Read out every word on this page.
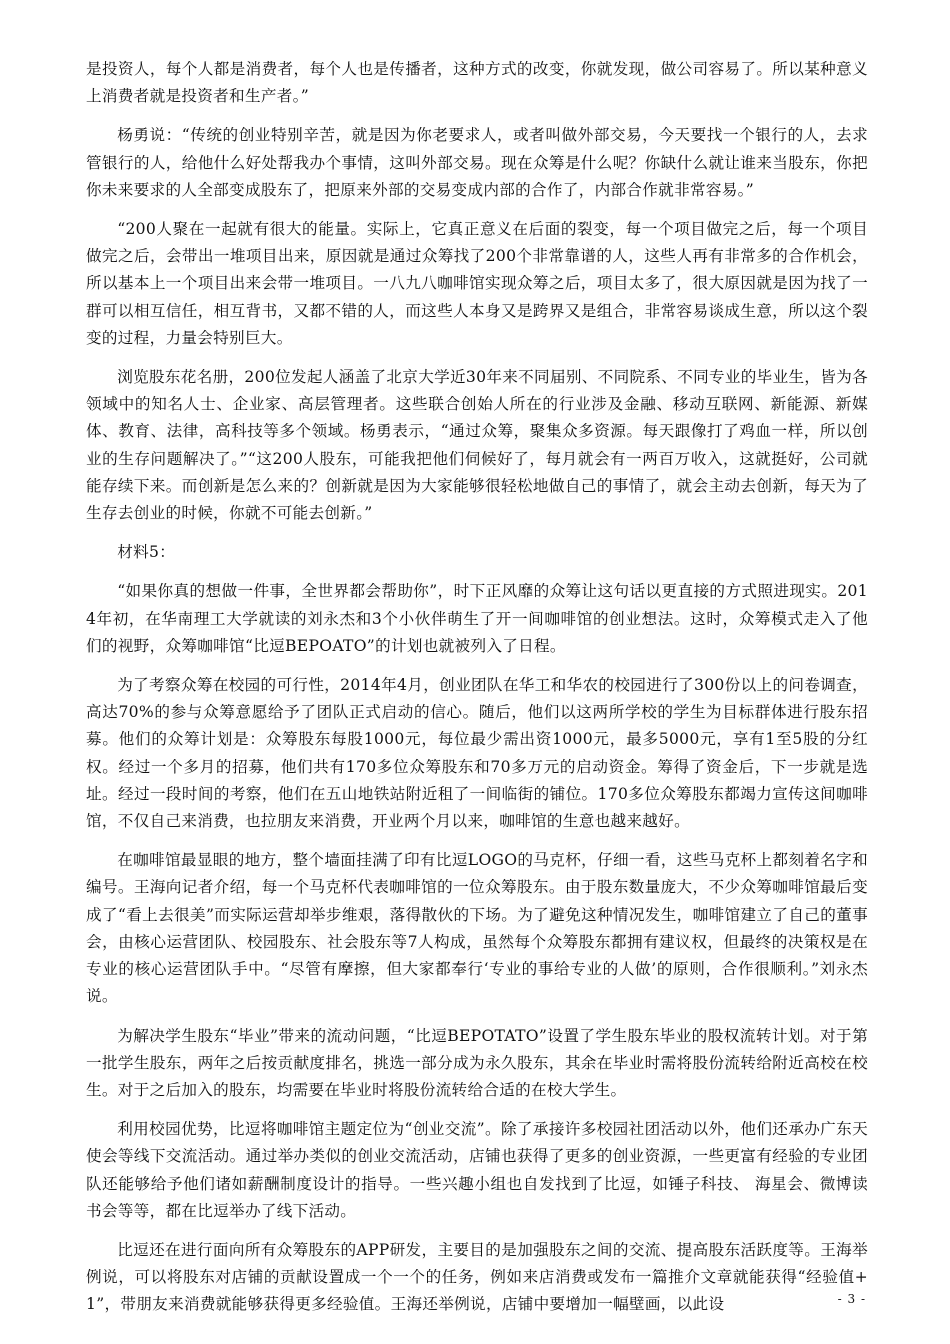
是投资人，每个人都是消费者，每个人也是传播者，这种方式的改变，你就发现，做公司容易了。所以某种意义上消费者就是投资者和生产者。”

杨勇说：“传统的创业特别辛苦，就是因为你老要求人，或者叫做外部交易，今天要找一个银行的人，去求管银行的人，给他什么好处帮我办个事情，这叫外部交易。现在众筹是什么呢？你缺什么就让谁来当股东，你把你未来要求的人全部变成股东了，把原来外部的交易变成内部的合作了，内部合作就非常容易。”

“200人聚在一起就有很大的能量。实际上，它真正意义在后面的裂变，每一个项目做完之后，每一个项目做完之后，会带出一堆项目出来，原因就是通过众筹找了200个非常靠谱的人，这些人再有非常多的合作机会，所以基本上一个项目出来会带一堆项目。一八九八咖啡馆实现众筹之后，项目太多了，很大原因就是因为找了一群可以相互信任，相互背书，又都不错的人，而这些人本身又是跨界又是组合，非常容易谈成生意，所以这个裂变的过程，力量会特别巨大。

浏览股东花名册，200位发起人涵盖了北京大学近30年来不同届别、不同院系、不同专业的毕业生，皆为各领域中的知名人士、企业家、高层管理者。这些联合创始人所在的行业涉及金融、移动互联网、新能源、新媒体、教育、法律，高科技等多个领域。杨勇表示，“通过众筹，聚集众多资源。每天跟像打了鸡血一样，所以创业的生存问题解决了。”“这200人股东，可能我把他们伺候好了，每月就会有一两百万收入，这就挺好，公司就能存续下来。而创新是怎么来的？创新就是因为大家能够很轻松地做自己的事情了，就会主动去创新，每天为了生存去创业的时候，你就不可能去创新。”

材料5：

“如果你真的想做一件事，全世界都会帮助你”，时下正风靡的众筹让这句话以更直接的方式照进现实。2014年初，在华南理工大学就读的刘永杰和3个小伙伴萌生了开一间咖啡馆的创业想法。这时，众筹模式走入了他们的视野，众筹咖啡馆“比逗BEPOATO”的计划也就被列入了日程。

为了考察众筹在校园的可行性，2014年4月，创业团队在华工和华农的校园进行了300份以上的问卷调查，高达70%的参与众筹意愿给予了团队正式启动的信心。随后，他们以这两所学校的学生为目标群体进行股东招募。他们的众筹计划是：众筹股东每股1000元，每位最少需出资1000元，最多5000元，享有1至5股的分红权。经过一个多月的招募，他们共有170多位众筹股东和70多万元的启动资金。筹得了资金后，下一步就是选址。经过一段时间的考察，他们在五山地铁站附近租了一间临街的铺位。170多位众筹股东都竭力宣传这间咖啡馆，不仅自己来消费，也拉朋友来消费，开业两个月以来，咖啡馆的生意也越来越好。

在咖啡馆最显眼的地方，整个墙面挂满了印有比逗LOGO的马克杯，仔细一看，这些马克杯上都刻着名字和编号。王海向记者介绍，每一个马克杯代表咖啡馆的一位众筹股东。由于股东数量庞大，不少众筹咖啡馆最后变成了“看上去很美”而实际运营却举步维艰，落得散伙的下场。为了避免这种情况发生，咖啡馆建立了自己的董事会，由核心运营团队、校园股东、社会股东等7人构成，虽然每个众筹股东都拥有建议权，但最终的决策权是在专业的核心运营团队手中。“尽管有摩擦，但大家都奉行‘专业的事给专业的人做’的原则，合作很顺利。”刘永杰说。

为解决学生股东“毕业”带来的流动问题，“比逗BEPOTATO”设置了学生股东毕业的股权流转计划。对于第一批学生股东，两年之后按贡献度排名，挑选一部分成为永久股东，其余在毕业时需将股份流转给附近高校在校生。对于之后加入的股东，均需要在毕业时将股份流转给合适的在校大学生。

利用校园优势，比逗将咖啡馆主题定位为“创业交流”。除了承接许多校园社团活动以外，他们还承办广东天使会等线下交流活动。通过举办类似的创业交流活动，店铺也获得了更多的创业资源，一些更富有经验的专业团队还能够给予他们诸如薪酬制度设计的指导。一些兴趣小组也自发找到了比逗，如锤子科技、 海星会、微博读书会等等，都在比逗举办了线下活动。

比逗还在进行面向所有众筹股东的APP研发，主要目的是加强股东之间的交流、提高股东活跃度等。王海举例说，可以将股东对店铺的贡献设置成一个一个的任务，例如来店消费或发布一篇推介文章就能获得“经验值+1”，带朋友来消费就能够获得更多经验值。王海还举例说，店铺中要增加一幅壁画，以此设	- 3 -
